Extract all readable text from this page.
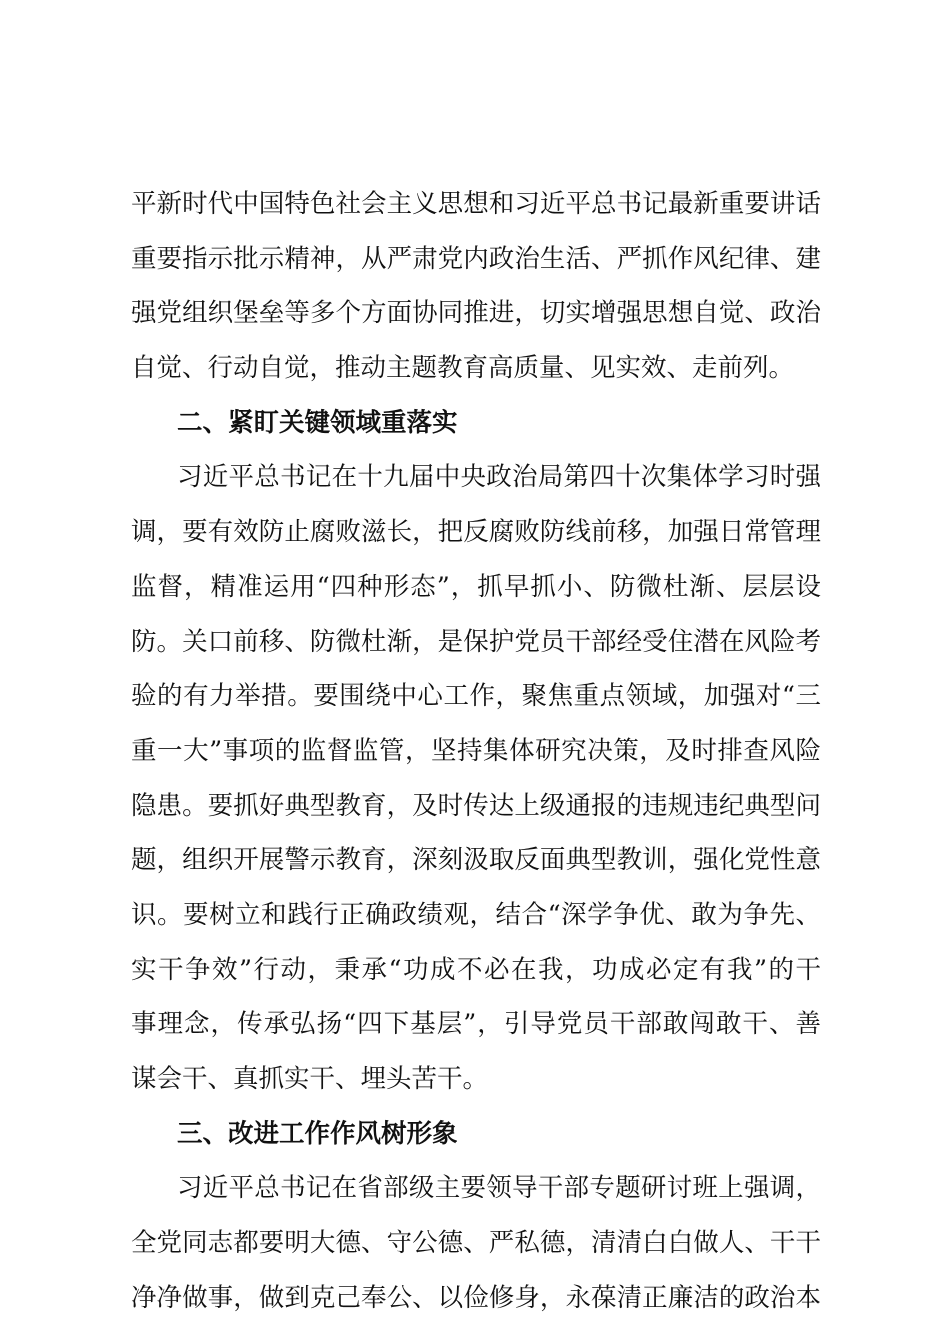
平新时代中国特色社会主义思想和习近平总书记最新重要讲话
重要指示批示精神，从严肃党内政治生活、严抓作风纪律、建
强党组织堡垒等多个方面协同推进，切实增强思想自觉、政治
自觉、行动自觉，推动主题教育高质量、见实效、走前列。
二、紧盯关键领域重落实
习近平总书记在十九届中央政治局第四十次集体学习时强
调，要有效防止腐败滋长，把反腐败防线前移，加强日常管理
监督，精准运用“四种形态”，抓早抓小、防微杜渐、层层设
防。关口前移、防微杜渐，是保护党员干部经受住潜在风险考
验的有力举措。要围绕中心工作，聚焦重点领域，加强对“三
重一大”事项的监督监管，坚持集体研究决策，及时排查风险
隐患。要抓好典型教育，及时传达上级通报的违规违纪典型问
题，组织开展警示教育，深刻汲取反面典型教训，强化党性意
识。要树立和践行正确政绩观，结合“深学争优、敢为争先、
实干争效”行动，秉承“功成不必在我，功成必定有我”的干
事理念，传承弘扬“四下基层”，引导党员干部敢闯敢干、善
谋会干、真抓实干、埋头苦干。
三、改进工作作风树形象
习近平总书记在省部级主要领导干部专题研讨班上强调，
全党同志都要明大德、守公德、严私德，清清白白做人、干干
净净做事，做到克己奉公、以俭修身，永葆清正廉洁的政治本
